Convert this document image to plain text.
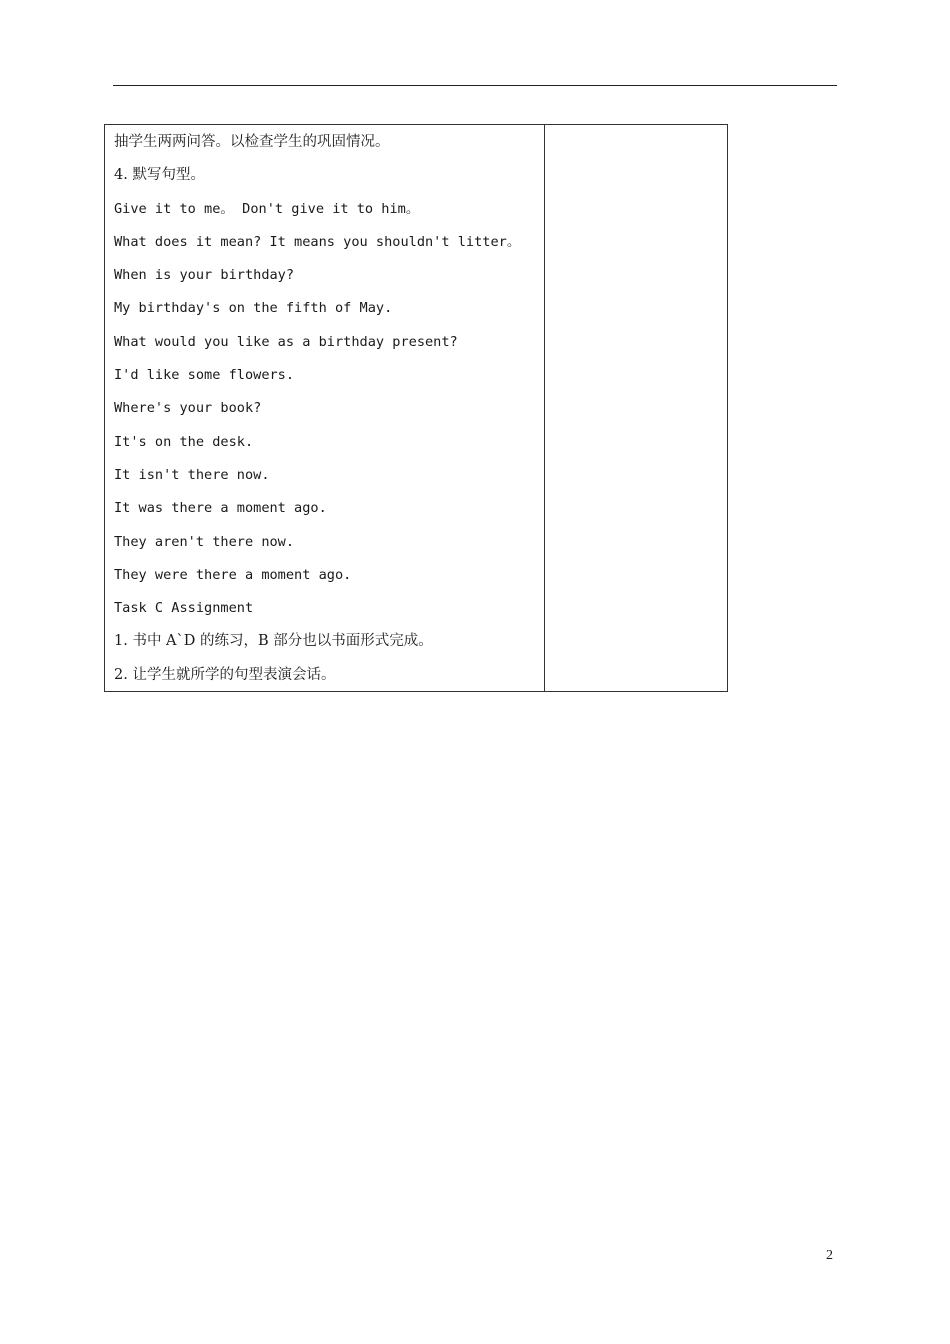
抽学生两两问答。以检查学生的巩固情况。
4. 默写句型。
Give it to me。 Don't give it to him。
What does it mean? It means you shouldn't litter。
When is your birthday?
My birthday's on the fifth of May.
What would you like as a birthday present?
I'd like some flowers.
Where's your book?
It's on the desk.
It isn't there now.
It was there a moment ago.
They aren't there now.
They were there a moment ago.
Task C Assignment
1. 书中 A`D 的练习，B 部分也以书面形式完成。
2. 让学生就所学的句型表演会话。
2
